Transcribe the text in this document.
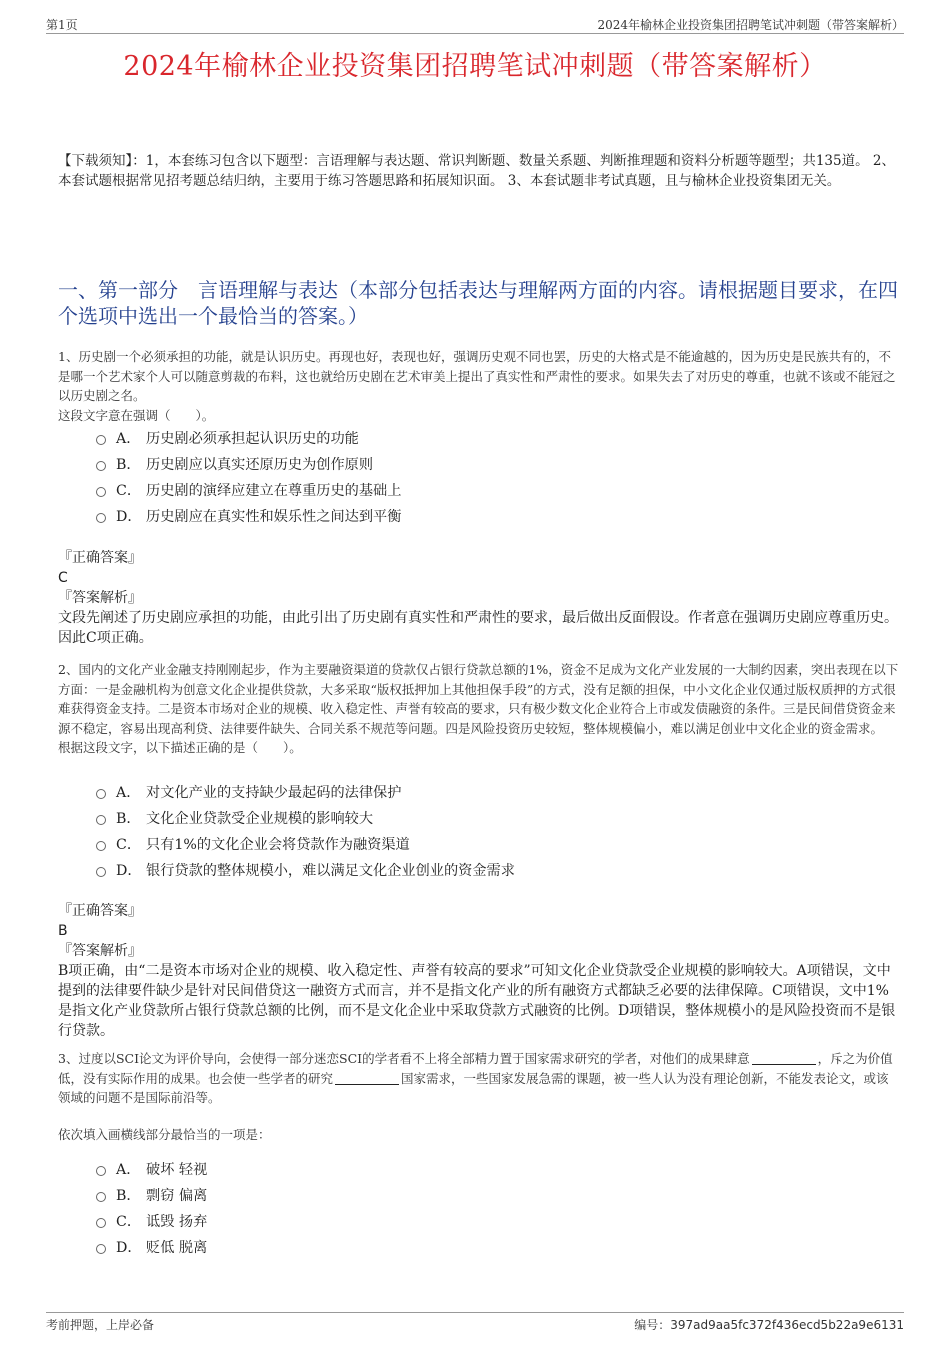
第1页	2024年榆林企业投资集团招聘笔试冲刺题（带答案解析）
2024年榆林企业投资集团招聘笔试冲刺题（带答案解析）
【下载须知】：1，本套练习包含以下题型：言语理解与表达题、常识判断题、数量关系题、判断推理题和资料分析题等题型；共135道。 2、本套试题根据常见招考题总结归纳，主要用于练习答题思路和拓展知识面。 3、本套试题非考试真题，且与榆林企业投资集团无关。
一、第一部分　言语理解与表达（本部分包括表达与理解两方面的内容。请根据题目要求，在四个选项中选出一个最恰当的答案。）
1、历史剧一个必须承担的功能，就是认识历史。再现也好，表现也好，强调历史观不同也罢，历史的大格式是不能逾越的，因为历史是民族共有的，不是哪一个艺术家个人可以随意剪裁的布料，这也就给历史剧在艺术审美上提出了真实性和严肃性的要求。如果失去了对历史的尊重，也就不该或不能冠之以历史剧之名。
这段文字意在强调（　　）。
A． 历史剧必须承担起认识历史的功能
B． 历史剧应以真实还原历史为创作原则
C． 历史剧的演绎应建立在尊重历史的基础上
D． 历史剧应在真实性和娱乐性之间达到平衡
『正确答案』
C
『答案解析』
文段先阐述了历史剧应承担的功能，由此引出了历史剧有真实性和严肃性的要求，最后做出反面假设。作者意在强调历史剧应尊重历史。因此C项正确。
2、国内的文化产业金融支持刚刚起步，作为主要融资渠道的贷款仅占银行贷款总额的1%，资金不足成为文化产业发展的一大制约因素，突出表现在以下方面：一是金融机构为创意文化企业提供贷款，大多采取“版权抵押加上其他担保手段”的方式，没有足额的担保，中小文化企业仅通过版权质押的方式很难获得资金支持。二是资本市场对企业的规模、收入稳定性、声誉有较高的要求，只有极少数文化企业符合上市或发债融资的条件。三是民间借贷资金来源不稳定，容易出现高利贷、法律要件缺失、合同关系不规范等问题。四是风险投资历史较短，整体规模偏小，难以满足创业中文化企业的资金需求。
根据这段文字，以下描述正确的是（　　）。
A． 对文化产业的支持缺少最起码的法律保护
B． 文化企业贷款受企业规模的影响较大
C． 只有1%的文化企业会将贷款作为融资渠道
D． 银行贷款的整体规模小，难以满足文化企业创业的资金需求
『正确答案』
B
『答案解析』
B项正确，由“二是资本市场对企业的规模、收入稳定性、声誉有较高的要求”可知文化企业贷款受企业规模的影响较大。A项错误，文中提到的法律要件缺少是针对民间借贷这一融资方式而言，并不是指文化产业的所有融资方式都缺乏必要的法律保障。C项错误，文中1%是指文化产业贷款所占银行贷款总额的比例，而不是文化企业中采取贷款方式融资的比例。D项错误，整体规模小的是风险投资而不是银行贷款。
3、过度以SCI论文为评价导向，会使得一部分迷恋SCI的学者看不上将全部精力置于国家需求研究的学者，对他们的成果肆意	，斥之为价值低，没有实际作用的成果。也会使一些学者的研究	国家需求，一些国家发展急需的课题，被一些人认为没有理论创新，不能发表论文，或该领域的问题不是国际前沿等。
依次填入画横线部分最恰当的一项是：
A． 破坏 轻视
B． 剽窃 偏离
C． 诋毁 扬弃
D． 贬低 脱离
考前押题，上岸必备	编号：397ad9aa5fc372f436ecd5b22a9e6131
